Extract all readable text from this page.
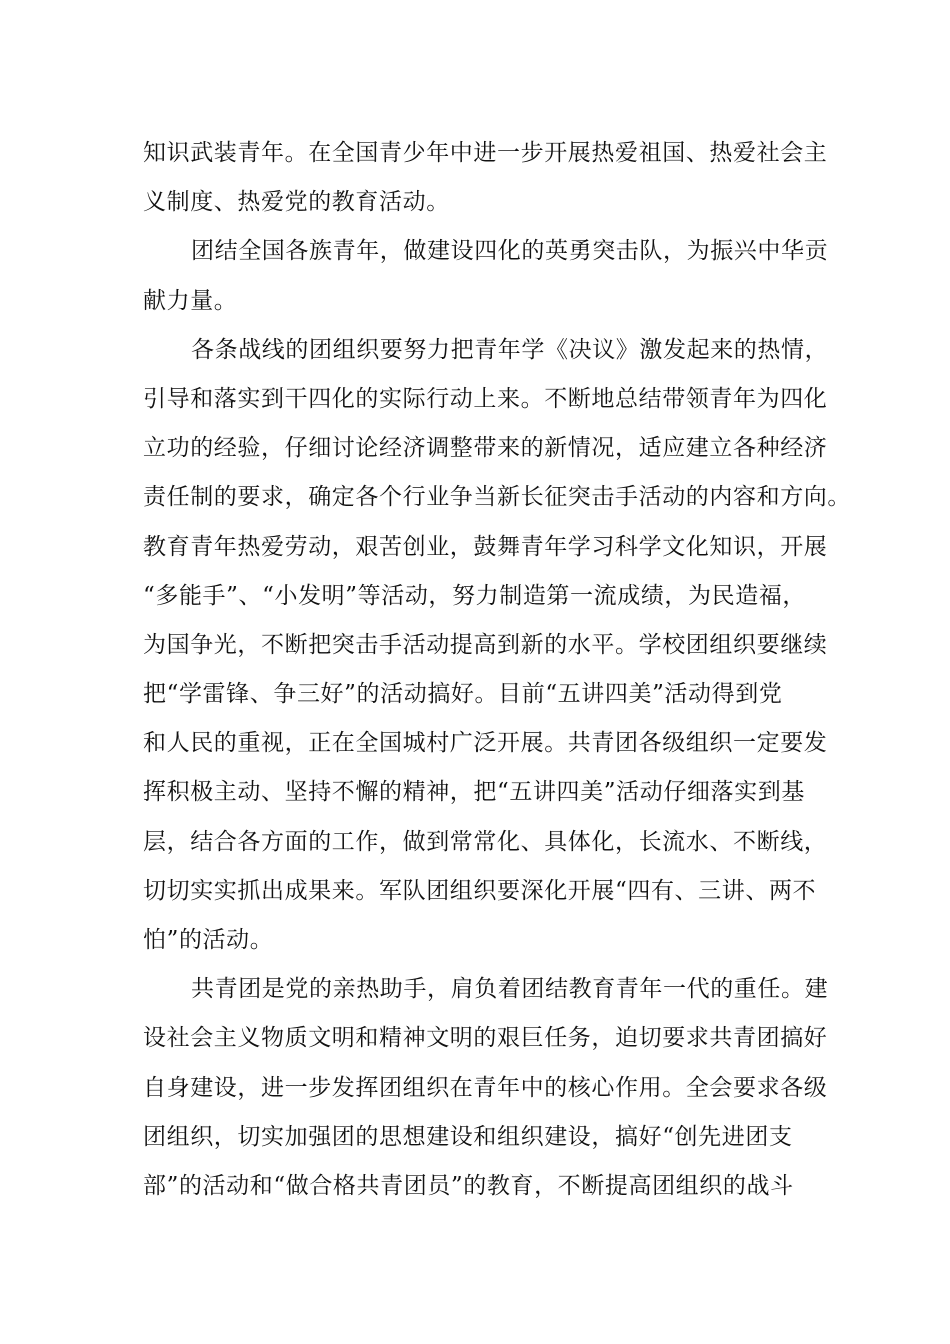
知识武装青年。在全国青少年中进一步开展热爱祖国、热爱社会主
义制度、热爱党的教育活动。
团结全国各族青年，做建设四化的英勇突击队，为振兴中华贡
献力量。
各条战线的团组织要努力把青年学《决议》激发起来的热情，
引导和落实到干四化的实际行动上来。不断地总结带领青年为四化
立功的经验，仔细讨论经济调整带来的新情况，适应建立各种经济
责任制的要求，确定各个行业争当新长征突击手活动的内容和方向。
教育青年热爱劳动，艰苦创业，鼓舞青年学习科学文化知识，开展
“多能手”、“小发明”等活动，努力制造第一流成绩，为民造福，
为国争光，不断把突击手活动提高到新的水平。学校团组织要继续
把“学雷锋、争三好”的活动搞好。目前“五讲四美”活动得到党
和人民的重视，正在全国城村广泛开展。共青团各级组织一定要发
挥积极主动、坚持不懈的精神，把“五讲四美”活动仔细落实到基
层，结合各方面的工作，做到常常化、具体化，长流水、不断线，
切切实实抓出成果来。军队团组织要深化开展“四有、三讲、两不
怕”的活动。
共青团是党的亲热助手，肩负着团结教育青年一代的重任。建
设社会主义物质文明和精神文明的艰巨任务，迫切要求共青团搞好
自身建设，进一步发挥团组织在青年中的核心作用。全会要求各级
团组织，切实加强团的思想建设和组织建设，搞好“创先进团支
部”的活动和“做合格共青团员”的教育，不断提高团组织的战斗
